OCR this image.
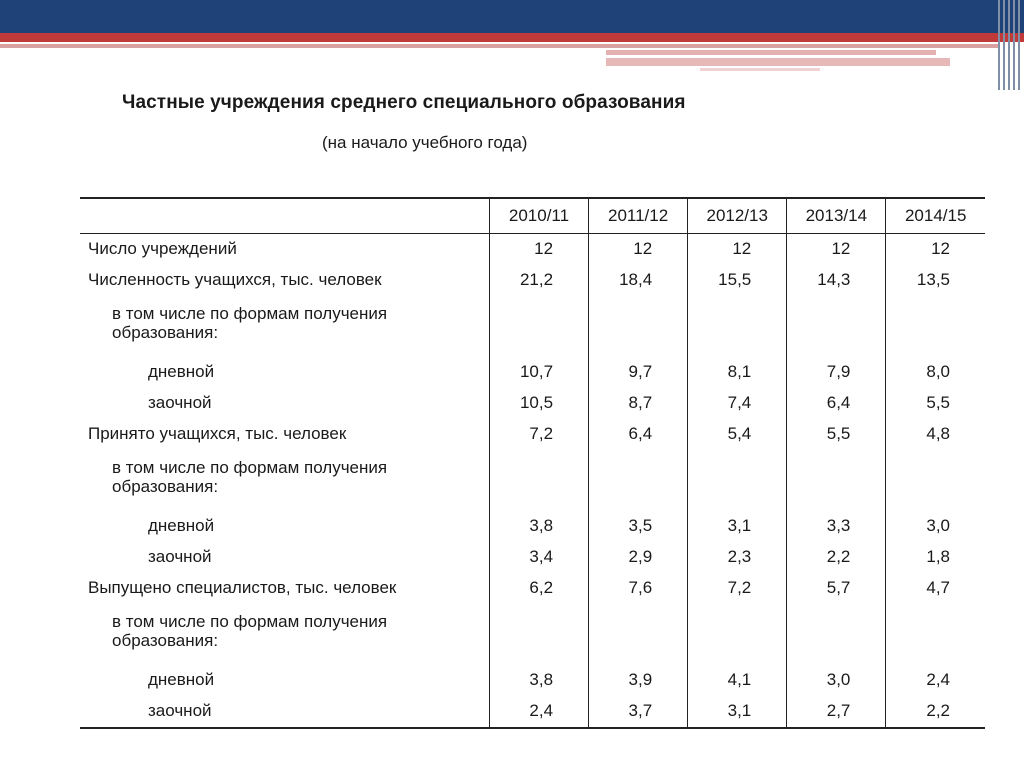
Частные учреждения среднего специального образования
(на начало учебного года)
	2010/11	2011/12	2012/13	2013/14	2014/15
Число учреждений	12	12	12	12	12
Численность учащихся, тыс. человек	21,2	18,4	15,5	14,3	13,5
в том числе по формам получения образования:					
дневной	10,7	9,7	8,1	7,9	8,0
заочной	10,5	8,7	7,4	6,4	5,5
Принято учащихся, тыс. человек	7,2	6,4	5,4	5,5	4,8
в том числе по формам получения образования:					
дневной	3,8	3,5	3,1	3,3	3,0
заочной	3,4	2,9	2,3	2,2	1,8
Выпущено специалистов, тыс. человек	6,2	7,6	7,2	5,7	4,7
в том числе по формам получения образования:					
дневной	3,8	3,9	4,1	3,0	2,4
заочной	2,4	3,7	3,1	2,7	2,2
